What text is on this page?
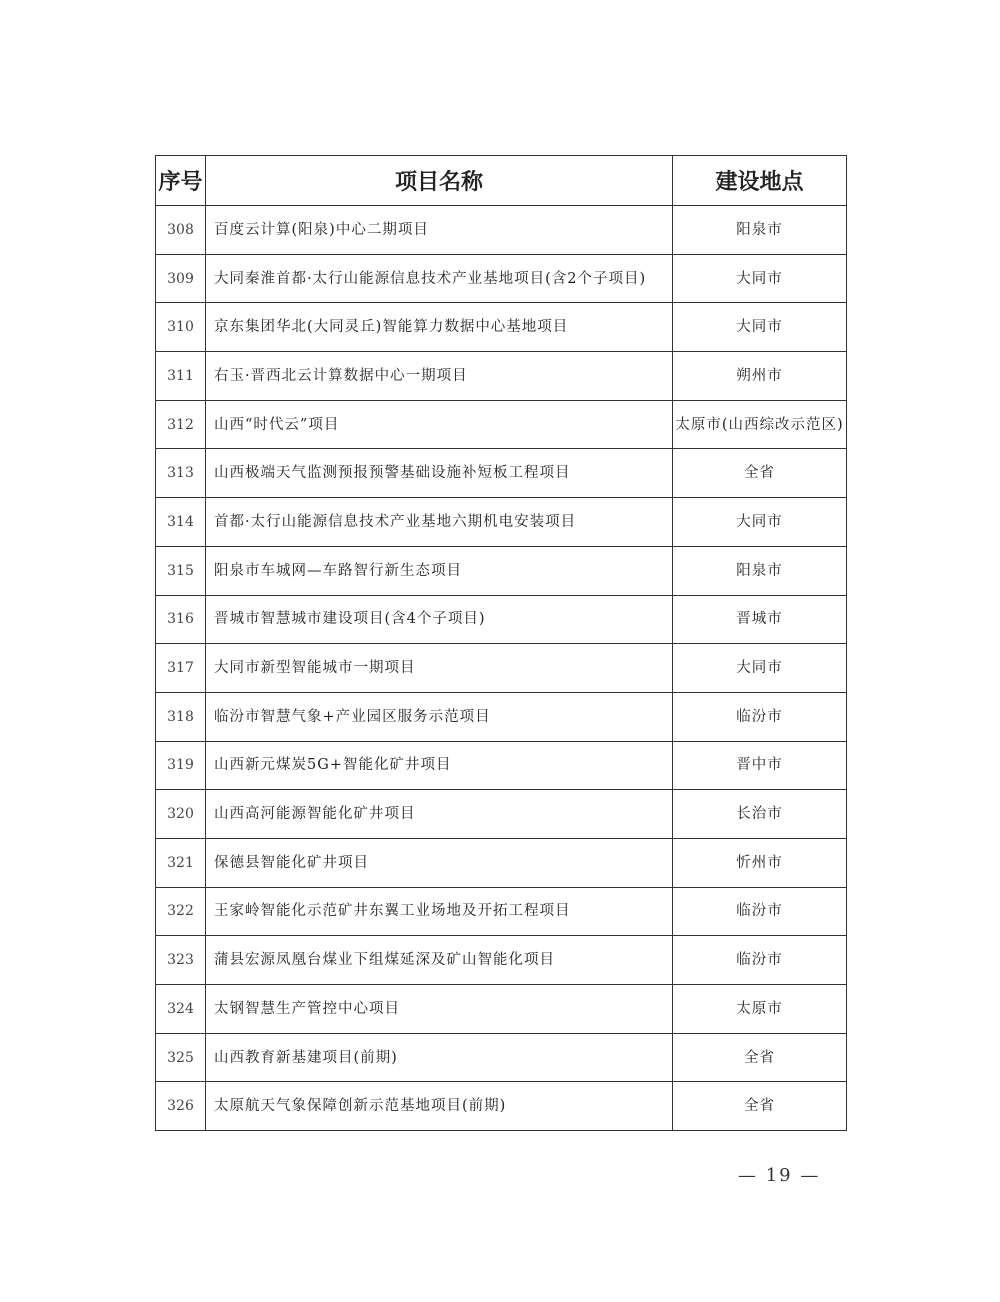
序号	项目名称	建设地点
308	百度云计算(阳泉)中心二期项目	阳泉市
309	大同秦淮首都·太行山能源信息技术产业基地项目(含2个子项目)	大同市
310	京东集团华北(大同灵丘)智能算力数据中心基地项目	大同市
311	右玉·晋西北云计算数据中心一期项目	朔州市
312	山西“时代云”项目	太原市(山西综改示范区)
313	山西极端天气监测预报预警基础设施补短板工程项目	全省
314	首都·太行山能源信息技术产业基地六期机电安装项目	大同市
315	阳泉市车城网—车路智行新生态项目	阳泉市
316	晋城市智慧城市建设项目(含4个子项目)	晋城市
317	大同市新型智能城市一期项目	大同市
318	临汾市智慧气象+产业园区服务示范项目	临汾市
319	山西新元煤炭5G+智能化矿井项目	晋中市
320	山西高河能源智能化矿井项目	长治市
321	保德县智能化矿井项目	忻州市
322	王家岭智能化示范矿井东翼工业场地及开拓工程项目	临汾市
323	蒲县宏源凤凰台煤业下组煤延深及矿山智能化项目	临汾市
324	太钢智慧生产管控中心项目	太原市
325	山西教育新基建项目(前期)	全省
326	太原航天气象保障创新示范基地项目(前期)	全省
— 19 —
